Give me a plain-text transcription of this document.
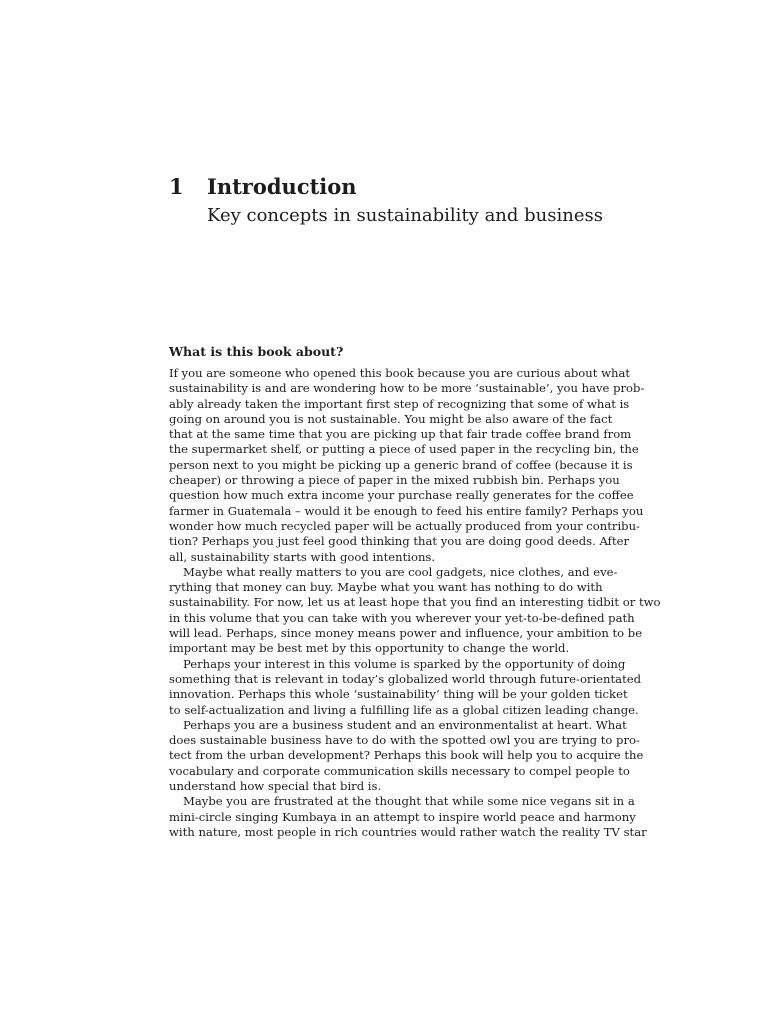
1 Introduction
Key concepts in sustainability and business
What is this book about?
If you are someone who opened this book because you are curious about what
sustainability is and are wondering how to be more ‘sustainable’, you have prob-
ably already taken the important first step of recognizing that some of what is
going on around you is not sustainable. You might be also aware of the fact
that at the same time that you are picking up that fair trade coffee brand from
the supermarket shelf, or putting a piece of used paper in the recycling bin, the
person next to you might be picking up a generic brand of coffee (because it is
cheaper) or throwing a piece of paper in the mixed rubbish bin. Perhaps you
question how much extra income your purchase really generates for the coffee
farmer in Guatemala – would it be enough to feed his entire family? Perhaps you
wonder how much recycled paper will be actually produced from your contribu-
tion? Perhaps you just feel good thinking that you are doing good deeds. After
all, sustainability starts with good intentions.
Maybe what really matters to you are cool gadgets, nice clothes, and eve-
rything that money can buy. Maybe what you want has nothing to do with
sustainability. For now, let us at least hope that you find an interesting tidbit or two
in this volume that you can take with you wherever your yet-to-be-defined path
will lead. Perhaps, since money means power and influence, your ambition to be
important may be best met by this opportunity to change the world.
Perhaps your interest in this volume is sparked by the opportunity of doing
something that is relevant in today’s globalized world through future-orientated
innovation. Perhaps this whole ‘sustainability’ thing will be your golden ticket
to self-actualization and living a fulfilling life as a global citizen leading change.
Perhaps you are a business student and an environmentalist at heart. What
does sustainable business have to do with the spotted owl you are trying to pro-
tect from the urban development? Perhaps this book will help you to acquire the
vocabulary and corporate communication skills necessary to compel people to
understand how special that bird is.
Maybe you are frustrated at the thought that while some nice vegans sit in a
mini-circle singing Kumbaya in an attempt to inspire world peace and harmony
with nature, most people in rich countries would rather watch the reality TV star
